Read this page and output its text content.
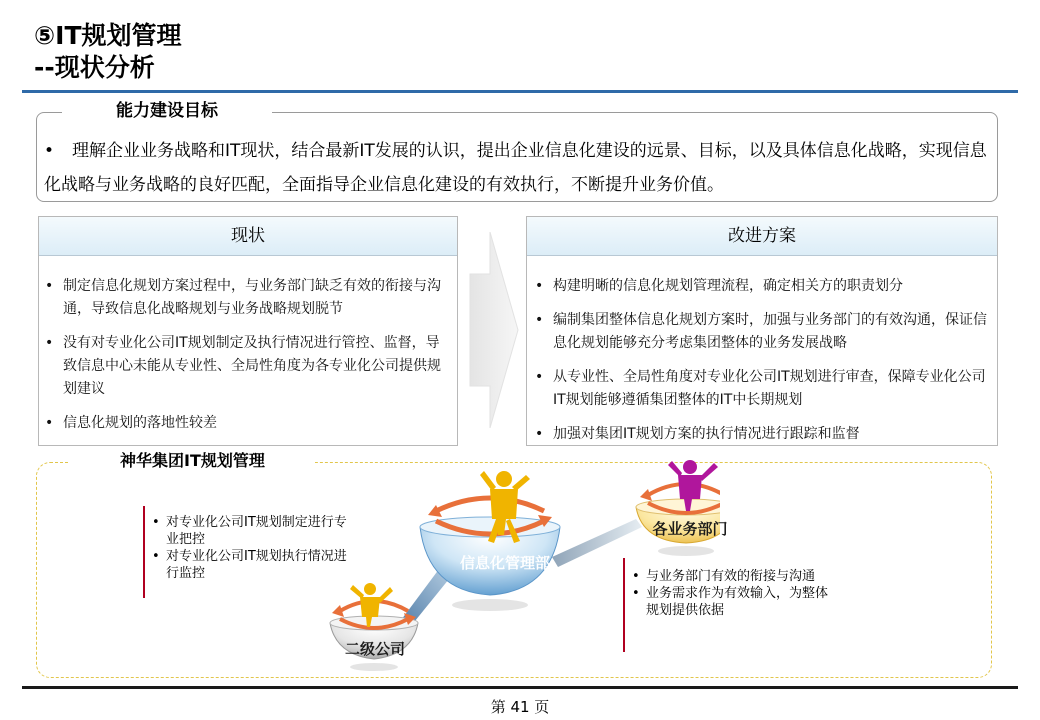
⑤IT规划管理
--现状分析
能力建设目标
• 理解企业业务战略和IT现状，结合最新IT发展的认识，提出企业信息化建设的远景、目标，以及具体信息化战略，实现信息化战略与业务战略的良好匹配，全面指导企业信息化建设的有效执行，不断提升业务价值。
现状
• 制定信息化规划方案过程中，与业务部门缺乏有效的衔接与沟通，导致信息化战略规划与业务战略规划脱节
• 没有对专业化公司IT规划制定及执行情况进行管控、监督，导致信息中心未能从专业性、全局性角度为各专业化公司提供规划建议
• 信息化规划的落地性较差
改进方案
• 构建明晰的信息化规划管理流程，确定相关方的职责划分
• 编制集团整体信息化规划方案时，加强与业务部门的有效沟通，保证信息化规划能够充分考虑集团整体的业务发展战略
• 从专业性、全局性角度对专业化公司IT规划进行审查，保障专业化公司IT规划能够遵循集团整体的IT中长期规划
• 加强对集团IT规划方案的执行情况进行跟踪和监督
神华集团IT规划管理
• 对专业化公司IT规划制定进行专业把控
• 对专业化公司IT规划执行情况进行监控
•	与业务部门有效的衔接与沟通
• 业务需求作为有效输入，为整体规划提供依据
信息化管理部
各业务部门
二级公司
第 41 页
